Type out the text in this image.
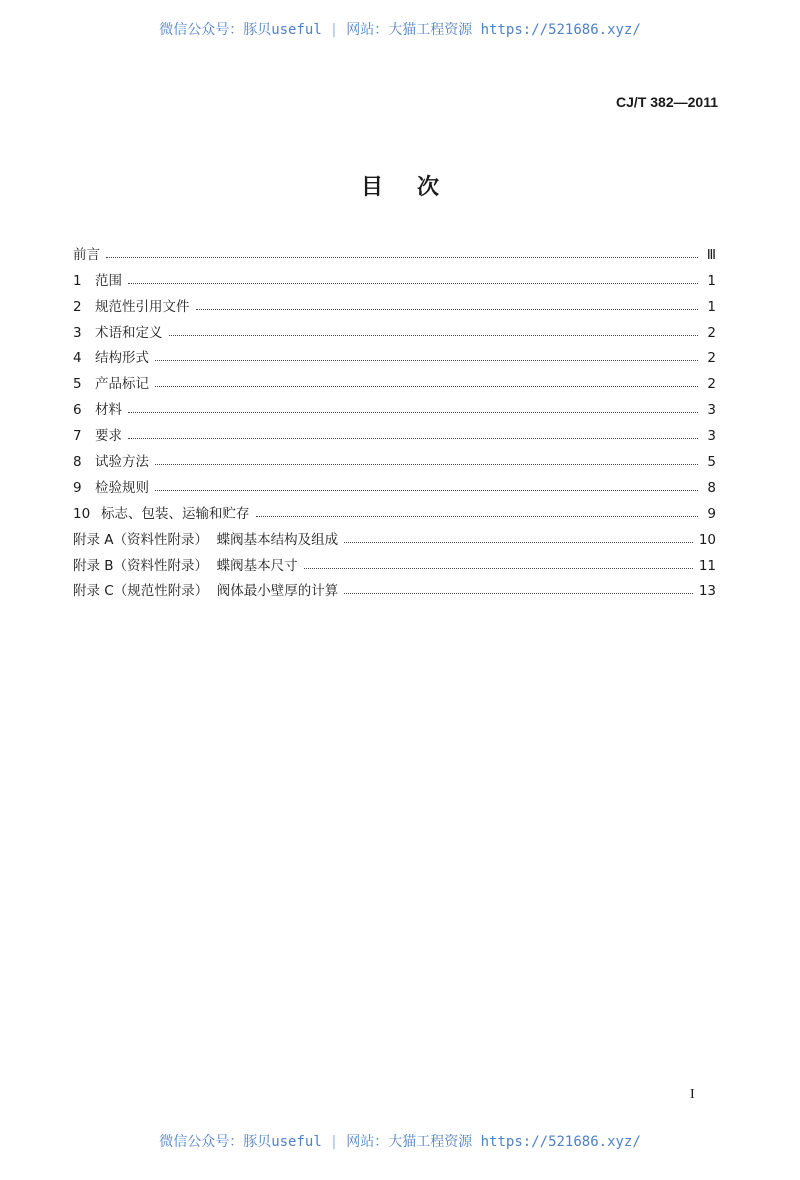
微信公众号：豚贝useful | 网站：大猫工程资源 https://521686.xyz/
CJ/T 382—2011
目次
前言	Ⅲ
1 范围	1
2 规范性引用文件	1
3 术语和定义	2
4 结构形式	2
5 产品标记	2
6 材料	3
7 要求	3
8 试验方法	5
9 检验规则	8
10 标志、包装、运输和贮存	9
附录 A（资料性附录）  蝶阀基本结构及组成	10
附录 B（资料性附录）  蝶阀基本尺寸	11
附录 C（规范性附录）  阀体最小壁厚的计算	13
I
微信公众号：豚贝useful | 网站：大猫工程资源 https://521686.xyz/
